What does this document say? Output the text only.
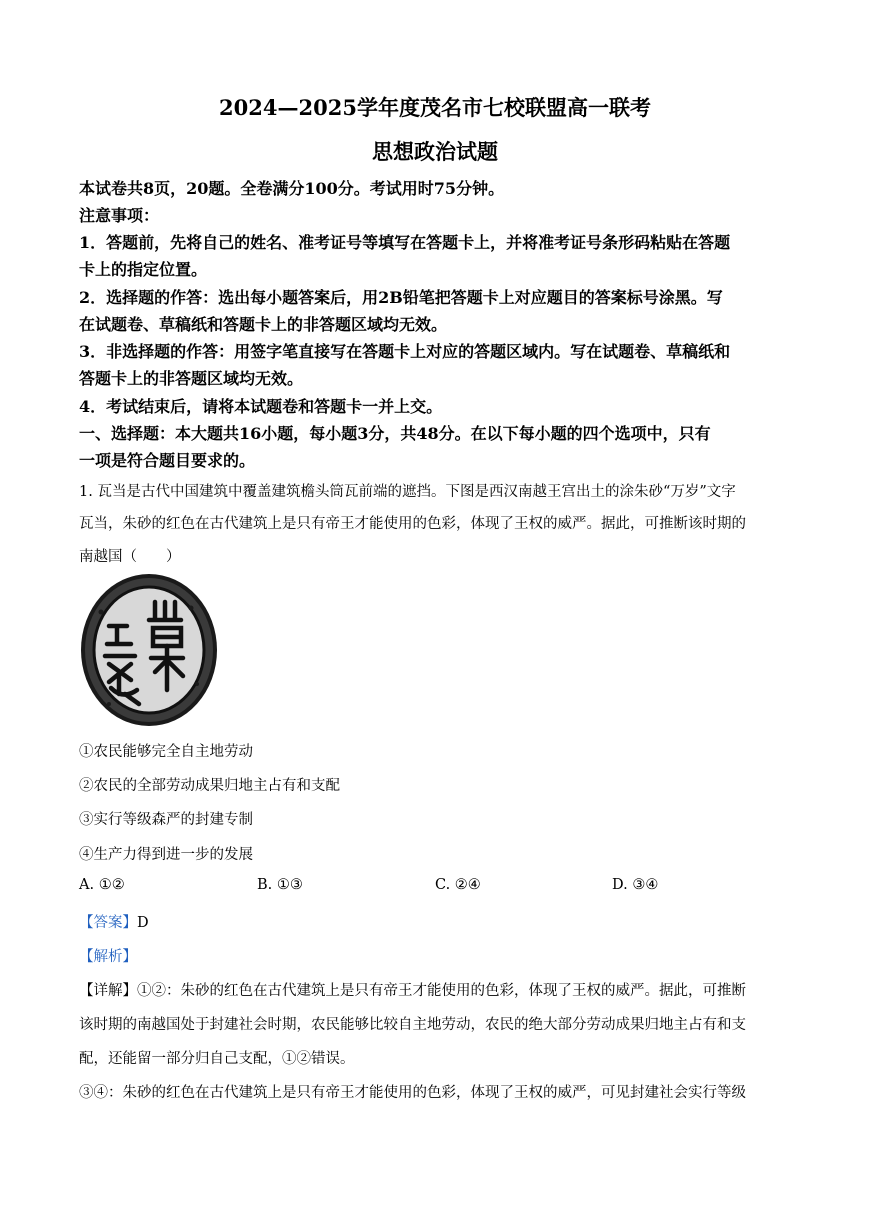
2024—2025学年度茂名市七校联盟高一联考
思想政治试题
本试卷共8页，20题。全卷满分100分。考试用时75分钟。
注意事项：
1．答题前，先将自己的姓名、准考证号等填写在答题卡上，并将准考证号条形码粘贴在答题
卡上的指定位置。
2．选择题的作答：选出每小题答案后，用2B铅笔把答题卡上对应题目的答案标号涂黑。写
在试题卷、草稿纸和答题卡上的非答题区域均无效。
3．非选择题的作答：用签字笔直接写在答题卡上对应的答题区域内。写在试题卷、草稿纸和
答题卡上的非答题区域均无效。
4．考试结束后，请将本试题卷和答题卡一并上交。
一、选择题：本大题共16小题，每小题3分，共48分。在以下每小题的四个选项中，只有
一项是符合题目要求的。
1. 瓦当是古代中国建筑中覆盖建筑檐头筒瓦前端的遮挡。下图是西汉南越王宫出土的涂朱砂“万岁”文字
瓦当，朱砂的红色在古代建筑上是只有帝王才能使用的色彩，体现了王权的威严。据此，可推断该时期的
南越国（　　）
①农民能够完全自主地劳动
②农民的全部劳动成果归地主占有和支配
③实行等级森严的封建专制
④生产力得到进一步的发展
A. ①②	B. ①③	C. ②④	D. ③④
【答案】D
【解析】
【详解】①②：朱砂的红色在古代建筑上是只有帝王才能使用的色彩，体现了王权的威严。据此，可推断
该时期的南越国处于封建社会时期，农民能够比较自主地劳动，农民的绝大部分劳动成果归地主占有和支
配，还能留一部分归自己支配，①②错误。
③④：朱砂的红色在古代建筑上是只有帝王才能使用的色彩，体现了王权的威严，可见封建社会实行等级
